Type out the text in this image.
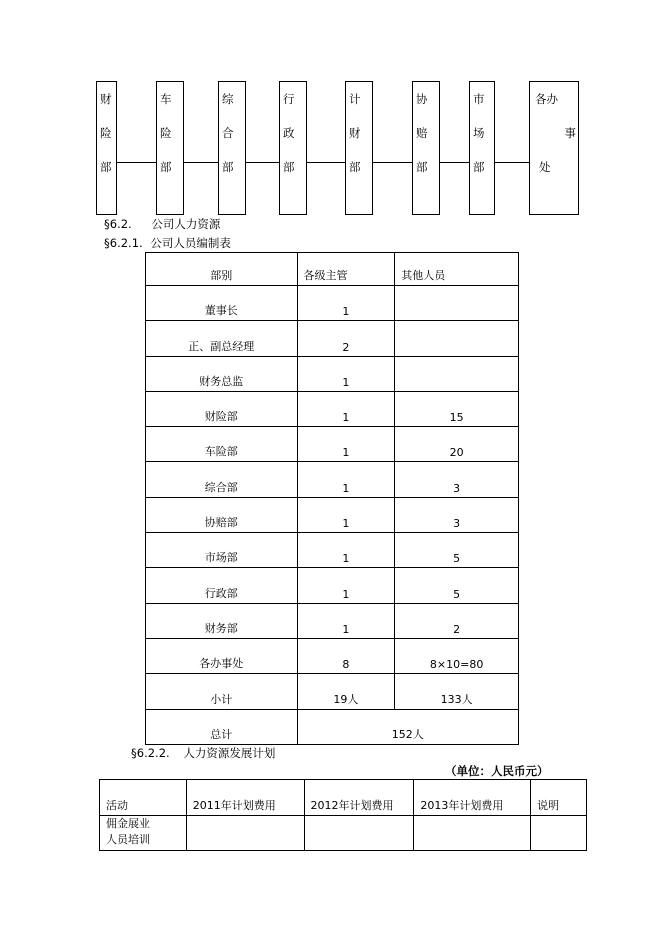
财
险
部
车
险
部
综
合
部
行
政
部
计
财
部
协
赔
部
市
场
部
各办
事
处
§6.2. 公司人力资源
§6.2.1. 公司人员编制表
部别	各级主管	其他人员
董事长	1	
正、副总经理	2	
财务总监	1	
财险部	1	15
车险部	1	20
综合部	1	3
协赔部	1	3
市场部	1	5
行政部	1	5
财务部	1	2
各办事处	8	8×10=80
小计	19人	133人
总计	152人	
§6.2.2. 人力资源发展计划
（单位：人民币元）
活动	2011年计划费用	2012年计划费用	2013年计划费用	说明

佣金展业
人员培训				
